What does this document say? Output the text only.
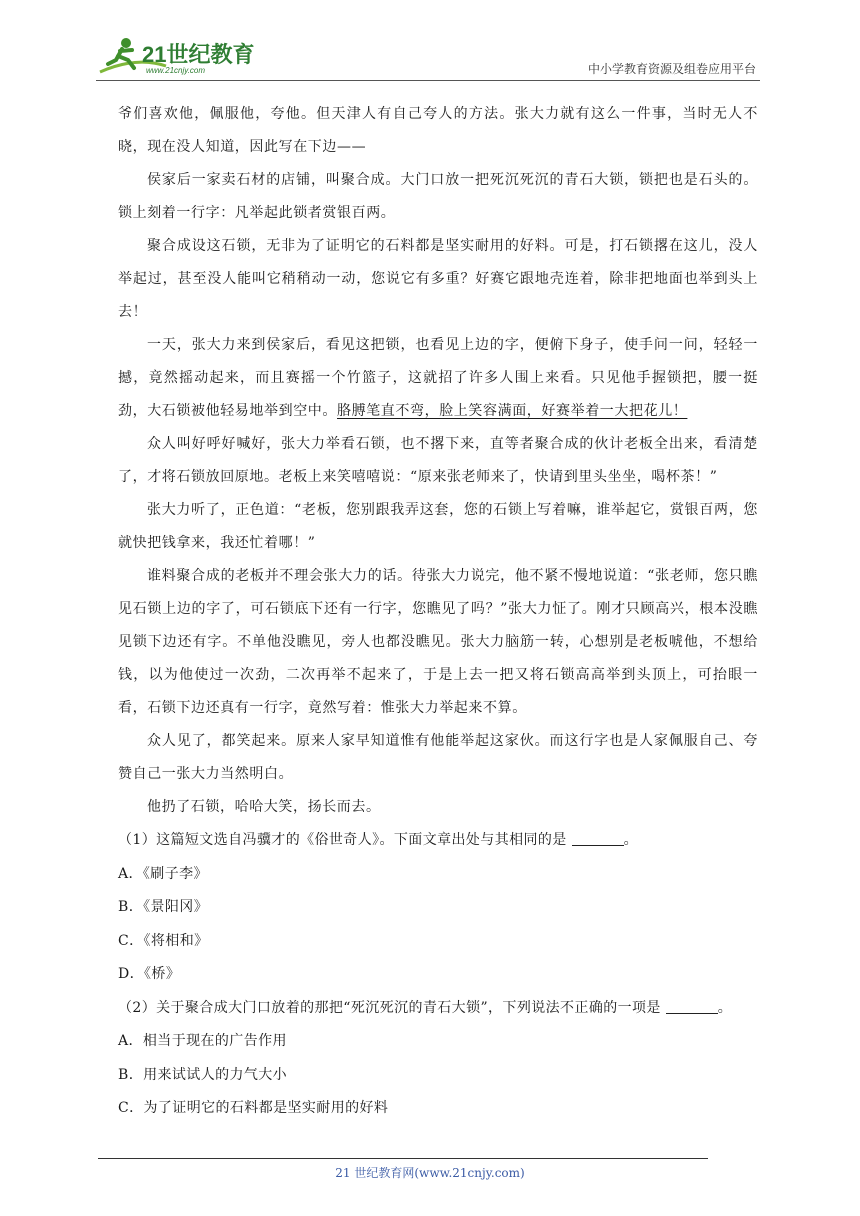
21世纪教育
www.21cnjy.com	中小学教育资源及组卷应用平台

爷们喜欢他，佩服他，夸他。但天津人有自己夸人的方法。张大力就有这么一件事，当时无人不晓，现在没人知道，因此写在下边——

侯家后一家卖石材的店铺，叫聚合成。大门口放一把死沉死沉的青石大锁，锁把也是石头的。锁上刻着一行字：凡举起此锁者赏银百两。

聚合成设这石锁，无非为了证明它的石料都是坚实耐用的好料。可是，打石锁撂在这儿，没人举起过，甚至没人能叫它稍稍动一动，您说它有多重？好赛它跟地壳连着，除非把地面也举到头上去！

一天，张大力来到侯家后，看见这把锁，也看见上边的字，便俯下身子，使手问一问，轻轻一撼，竟然摇动起来，而且赛摇一个竹篮子，这就招了许多人围上来看。只见他手握锁把，腰一挺劲，大石锁被他轻易地举到空中。胳膊笔直不弯，脸上笑容满面，好赛举着一大把花儿！

众人叫好呼好喊好，张大力举看石锁，也不撂下来，直等者聚合成的伙计老板全出来，看清楚了，才将石锁放回原地。老板上来笑嘻嘻说：“原来张老师来了，快请到里头坐坐，喝杯茶！”

张大力听了，正色道：“老板，您别跟我弄这套，您的石锁上写着嘛，谁举起它，赏银百两，您就快把钱拿来，我还忙着哪！”

谁料聚合成的老板并不理会张大力的话。待张大力说完，他不紧不慢地说道：“张老师，您只瞧见石锁上边的字了，可石锁底下还有一行字，您瞧见了吗？”张大力怔了。刚才只顾高兴，根本没瞧见锁下边还有字。不单他没瞧见，旁人也都没瞧见。张大力脑筋一转，心想别是老板唬他，不想给钱，以为他使过一次劲，二次再举不起来了，于是上去一把又将石锁高高举到头顶上，可抬眼一看，石锁下边还真有一行字，竟然写着：惟张大力举起来不算。

众人见了，都笑起来。原来人家早知道惟有他能举起这家伙。而这行字也是人家佩服自己、夸赞自己一张大力当然明白。

他扔了石锁，哈哈大笑，扬长而去。

（1）这篇短文选自冯骥才的《俗世奇人》。下面文章出处与其相同的是	。

A．《刷子李》

B．《景阳冈》

C．《将相和》

D．《桥》

（2）关于聚合成大门口放着的那把“死沉死沉的青石大锁”，下列说法不正确的一项是	。

A．相当于现在的广告作用

B．用来试试人的力气大小

C．为了证明它的石料都是坚实耐用的好料

21 世纪教育网(www.21cnjy.com)
